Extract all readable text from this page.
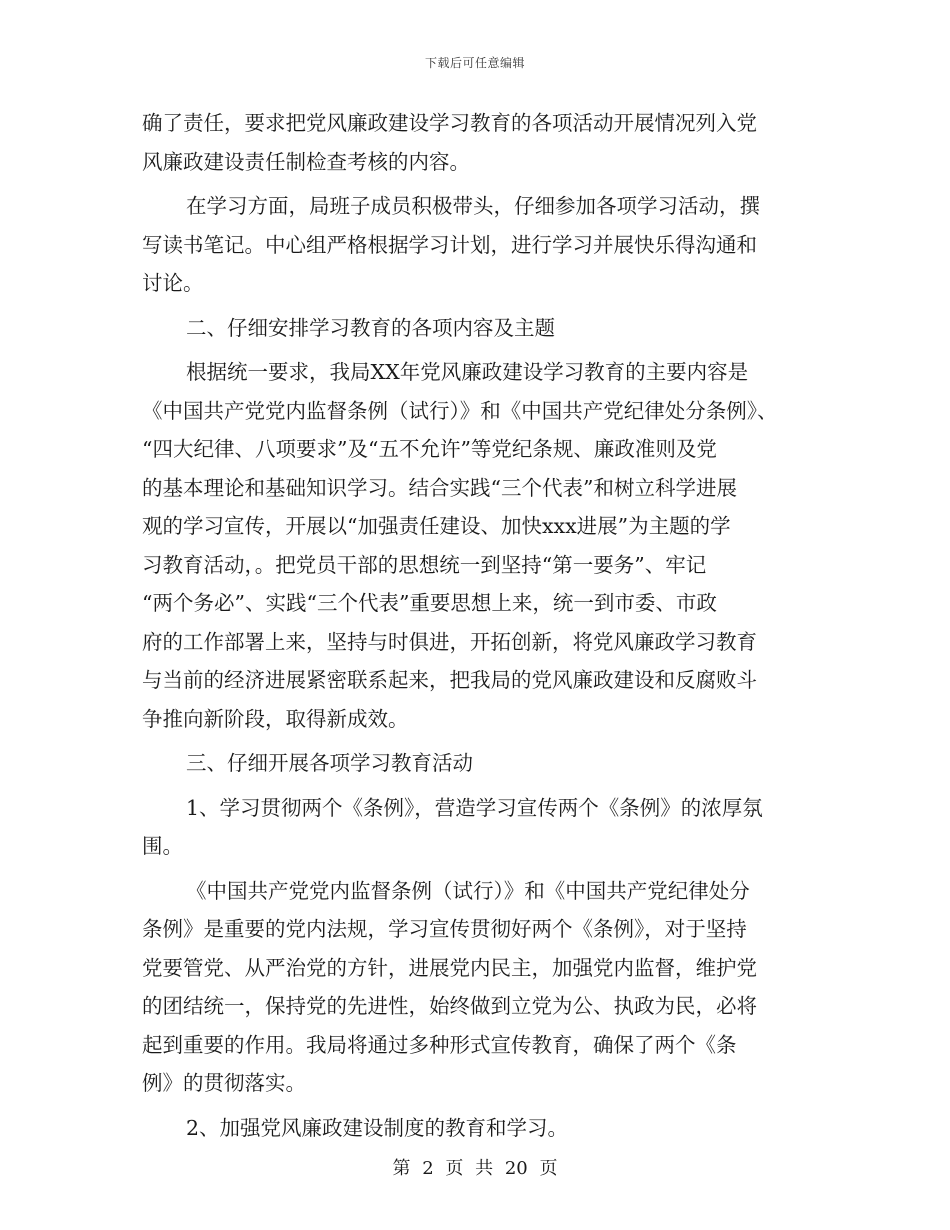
下载后可任意编辑
确了责任，要求把党风廉政建设学习教育的各项活动开展情况列入党
风廉政建设责任制检查考核的内容。
在学习方面，局班子成员积极带头，仔细参加各项学习活动，撰
写读书笔记。中心组严格根据学习计划，进行学习并展快乐得沟通和
讨论。
二、仔细安排学习教育的各项内容及主题
根据统一要求，我局XX年党风廉政建设学习教育的主要内容是
《中国共产党党内监督条例（试行）》和《中国共产党纪律处分条例》、
“四大纪律、八项要求”及“五不允许”等党纪条规、廉政准则及党
的基本理论和基础知识学习。结合实践“三个代表”和树立科学进展
观的学习宣传，开展以“加强责任建设、加快xxx进展”为主题的学
习教育活动，。把党员干部的思想统一到坚持“第一要务”、牢记
“两个务必”、实践“三个代表”重要思想上来，统一到市委、市政
府的工作部署上来，坚持与时俱进，开拓创新，将党风廉政学习教育
与当前的经济进展紧密联系起来，把我局的党风廉政建设和反腐败斗
争推向新阶段，取得新成效。
三、仔细开展各项学习教育活动
1、学习贯彻两个《条例》，营造学习宣传两个《条例》的浓厚氛
围。
《中国共产党党内监督条例（试行）》和《中国共产党纪律处分
条例》是重要的党内法规，学习宣传贯彻好两个《条例》，对于坚持
党要管党、从严治党的方针，进展党内民主，加强党内监督，维护党
的团结统一，保持党的先进性，始终做到立党为公、执政为民，必将
起到重要的作用。我局将通过多种形式宣传教育，确保了两个《条
例》的贯彻落实。
2、加强党风廉政建设制度的教育和学习。
第 2 页 共 20 页
